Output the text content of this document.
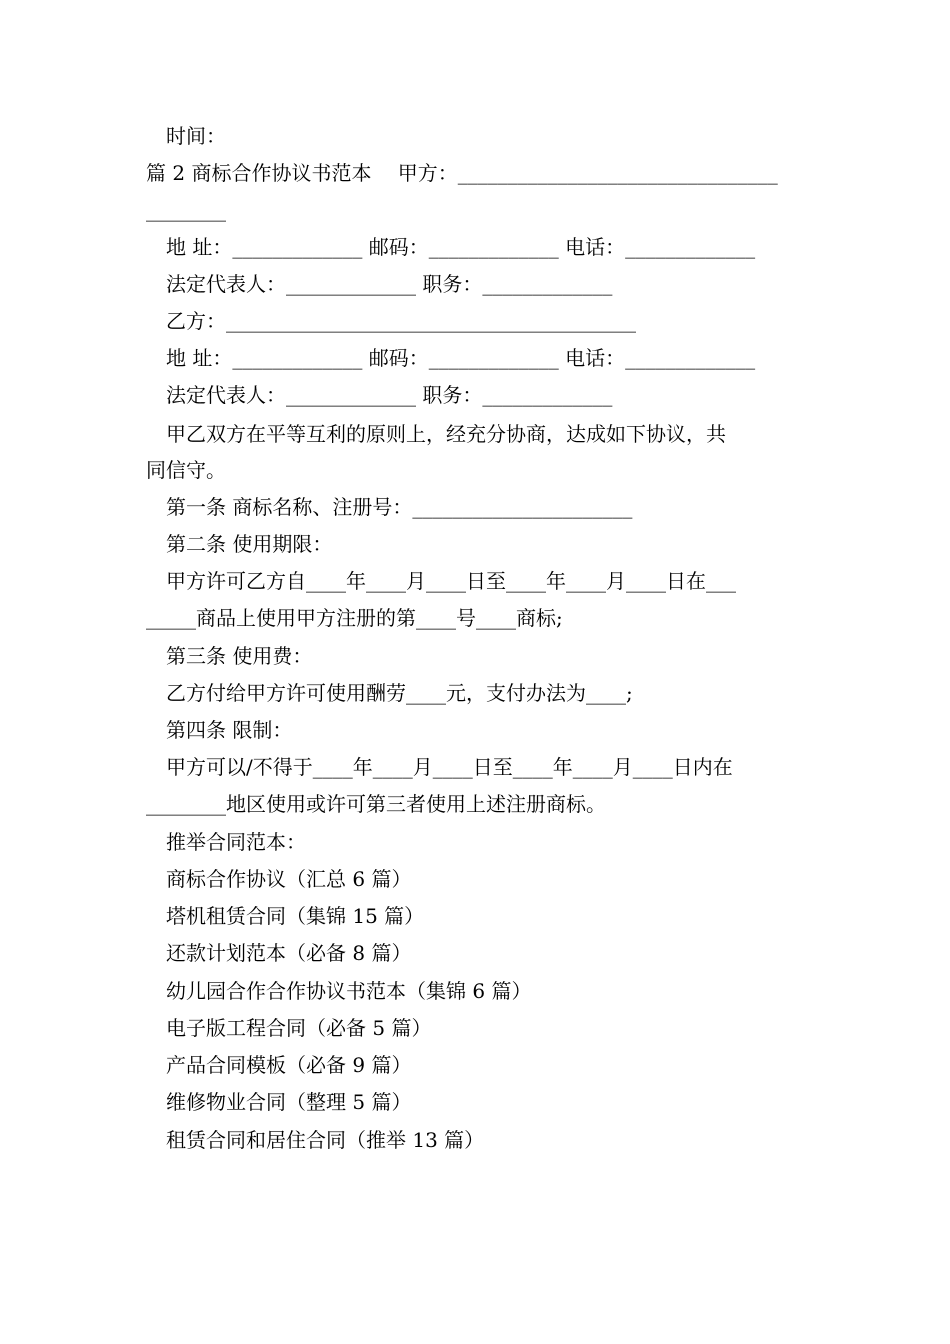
时间：
篇 2 商标合作协议书范本　 甲方：________________________________
________
地 址：_____________ 邮码：_____________ 电话：_____________
法定代表人：_____________ 职务：_____________
乙方：_________________________________________
地 址：_____________ 邮码：_____________ 电话：_____________
法定代表人：_____________ 职务：_____________
甲乙双方在平等互利的原则上，经充分协商，达成如下协议，共
同信守。
第一条 商标名称、注册号：______________________
第二条 使用期限：
甲方许可乙方自____年____月____日至____年____月____日在___
_____商品上使用甲方注册的第____号____商标;
第三条 使用费：
乙方付给甲方许可使用酬劳____元，支付办法为____;
第四条 限制：
甲方可以/不得于____年____月____日至____年____月____日内在
________地区使用或许可第三者使用上述注册商标。
推举合同范本：
商标合作协议（汇总 6 篇）
塔机租赁合同（集锦 15 篇）
还款计划范本（必备 8 篇）
幼儿园合作合作协议书范本（集锦 6 篇）
电子版工程合同（必备 5 篇）
产品合同模板（必备 9 篇）
维修物业合同（整理 5 篇）
租赁合同和居住合同（推举 13 篇）
